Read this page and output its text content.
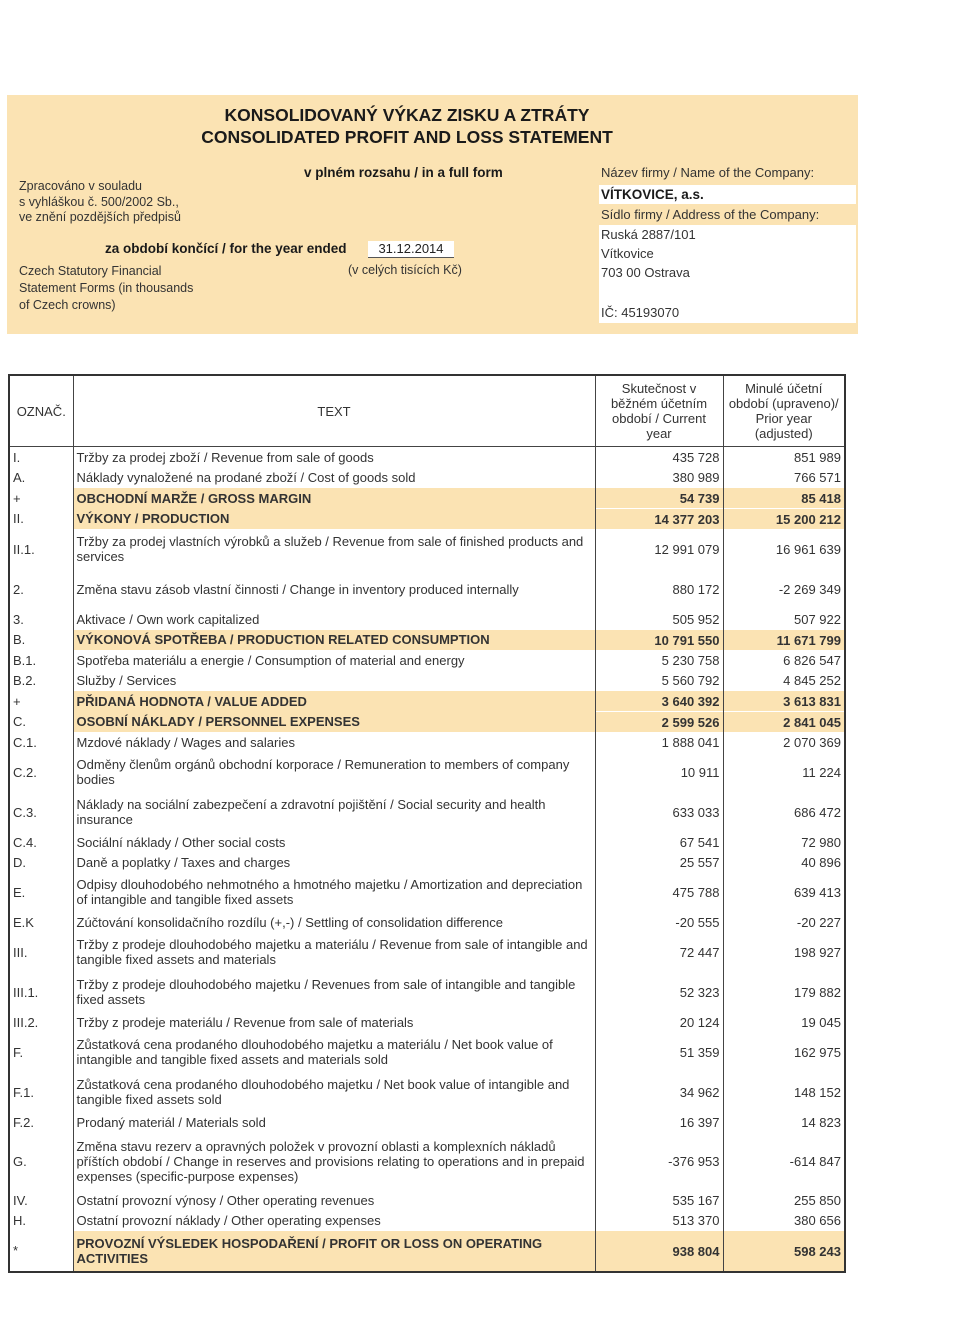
KONSOLIDOVANÝ VÝKAZ ZISKU A ZTRÁTY
CONSOLIDATED PROFIT AND LOSS STATEMENT
v plném rozsahu / in a full form
Zpracováno v souladu
s vyhláškou č. 500/2002 Sb.,
ve znění pozdějších předpisů
za období končící / for the year ended	31.12.2014
(v celých tisících Kč)
Czech Statutory Financial
Statement Forms (in thousands
of Czech crowns)
Název firmy / Name of the Company:
VÍTKOVICE, a.s.
Sídlo firmy / Address of the Company:
Ruská 2887/101
Vítkovice
703 00 Ostrava
IČ: 45193070
OZNAČ.	TEXT	Skutečnost v běžném účetním období / Current year	Minulé účetní období (upraveno)/ Prior year (adjusted)
I.	Tržby za prodej zboží / Revenue from sale of goods	435 728	851 989
A.	Náklady vynaložené na prodané zboží / Cost of goods sold	380 989	766 571
+	OBCHODNÍ MARŽE / GROSS MARGIN	54 739	85 418
II.	VÝKONY / PRODUCTION	14 377 203	15 200 212
II.1.	Tržby za prodej vlastních výrobků a služeb / Revenue from sale of finished products and services	12 991 079	16 961 639
2.	Změna stavu zásob vlastní činnosti / Change in inventory produced internally	880 172	-2 269 349
3.	Aktivace / Own work capitalized	505 952	507 922
B.	VÝKONOVÁ SPOTŘEBA / PRODUCTION RELATED CONSUMPTION	10 791 550	11 671 799
B.1.	Spotřeba materiálu a energie / Consumption of material and energy	5 230 758	6 826 547
B.2.	Služby / Services	5 560 792	4 845 252
+	PŘIDANÁ HODNOTA / VALUE ADDED	3 640 392	3 613 831
C.	OSOBNÍ NÁKLADY / PERSONNEL EXPENSES	2 599 526	2 841 045
C.1.	Mzdové náklady / Wages and salaries	1 888 041	2 070 369
C.2.	Odměny členům orgánů obchodní korporace / Remuneration to members of company bodies	10 911	11 224
C.3.	Náklady na sociální zabezpečení a zdravotní pojištění / Social security and health insurance	633 033	686 472
C.4.	Sociální náklady / Other social costs	67 541	72 980
D.	Daně a poplatky / Taxes and charges	25 557	40 896
E.	Odpisy dlouhodobého nehmotného a hmotného majetku / Amortization and depreciation of intangible and tangible fixed assets	475 788	639 413
E.K	Zúčtování konsolidačního rozdílu (+,-) / Settling of consolidation difference	-20 555	-20 227
III.	Tržby z prodeje dlouhodobého majetku a materiálu / Revenue from sale of intangible and tangible fixed assets and materials	72 447	198 927
III.1.	Tržby z prodeje dlouhodobého majetku / Revenues from sale of intangible and tangible fixed assets	52 323	179 882
III.2.	Tržby z prodeje materiálu / Revenue from sale of materials	20 124	19 045
F.	Zůstatková cena prodaného dlouhodobého majetku a materiálu / Net book value of intangible and tangible fixed assets and materials sold	51 359	162 975
F.1.	Zůstatková cena prodaného dlouhodobého majetku / Net book value of intangible and tangible fixed assets sold	34 962	148 152
F.2.	Prodaný materiál / Materials sold	16 397	14 823
G.	Změna stavu rezerv a opravných položek v provozní oblasti a komplexních nákladů příštích období / Change in reserves and provisions relating to operations and in prepaid expenses (specific-purpose expenses)	-376 953	-614 847
IV.	Ostatní provozní výnosy / Other operating revenues	535 167	255 850
H.	Ostatní provozní náklady / Other operating expenses	513 370	380 656
*	PROVOZNÍ VÝSLEDEK HOSPODAŘENÍ / PROFIT OR LOSS ON OPERATING ACTIVITIES	938 804	598 243
